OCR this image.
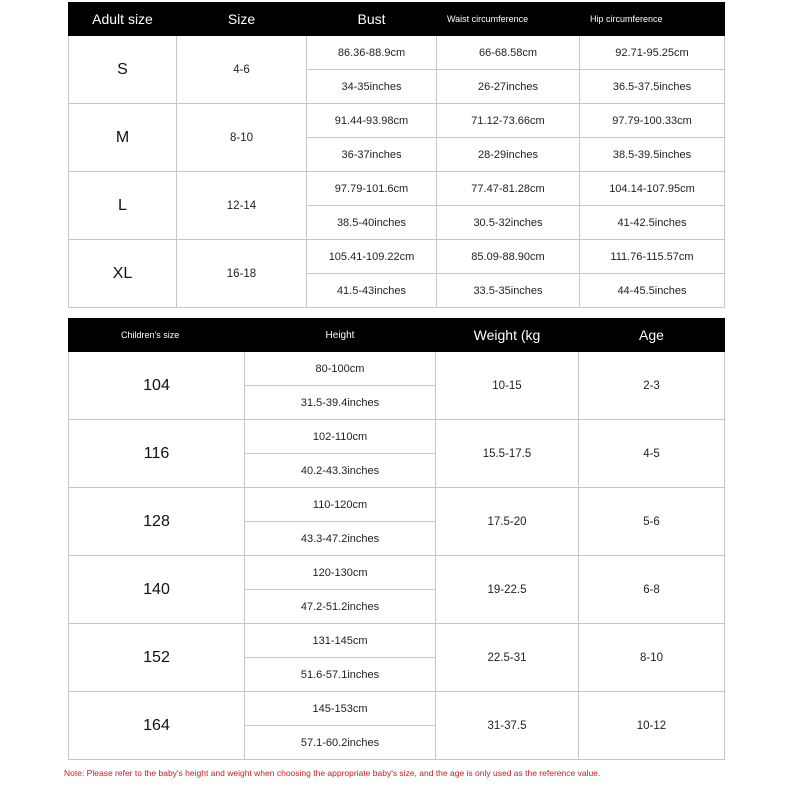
Adult size	Size	Bust	Waist circumference	Hip circumference
S	4-6	86.36-88.9cm	66-68.58cm	92.71-95.25cm
		34-35inches	26-27inches	36.5-37.5inches
M	8-10	91.44-93.98cm	71.12-73.66cm	97.79-100.33cm
		36-37inches	28-29inches	38.5-39.5inches
L	12-14	97.79-101.6cm	77.47-81.28cm	104.14-107.95cm
		38.5-40inches	30.5-32inches	41-42.5inches
XL	16-18	105.41-109.22cm	85.09-88.90cm	111.76-115.57cm
		41.5-43inches	33.5-35inches	44-45.5inches
Children's size	Height	Weight (kg	Age
104	80-100cm	10-15	2-3
	31.5-39.4inches		
116	102-110cm	15.5-17.5	4-5
	40.2-43.3inches		
128	110-120cm	17.5-20	5-6
	43.3-47.2inches		
140	120-130cm	19-22.5	6-8
	47.2-51.2inches		
152	131-145cm	22.5-31	8-10
	51.6-57.1inches		
164	145-153cm	31-37.5	10-12
	57.1-60.2inches		
Note: Please refer to the baby's height and weight when choosing the appropriate baby's size, and the age is only used as the reference value.
